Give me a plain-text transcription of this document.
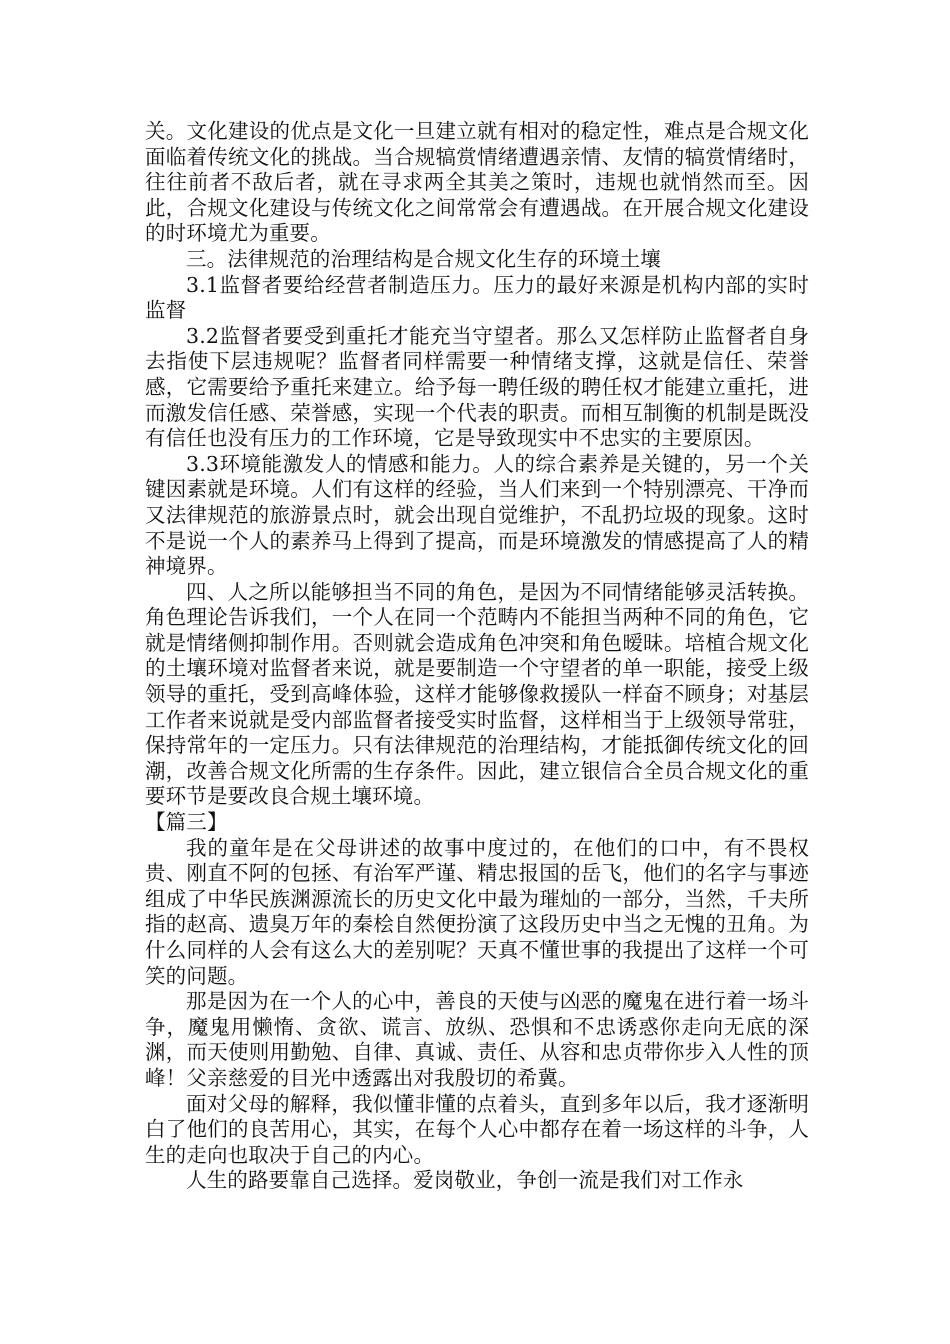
关。文化建设的优点是文化一旦建立就有相对的稳定性，难点是合规文化面临着传统文化的挑战。当合规犒赏情绪遭遇亲情、友情的犒赏情绪时，往往前者不敌后者，就在寻求两全其美之策时，违规也就悄然而至。因此，合规文化建设与传统文化之间常常会有遭遇战。在开展合规文化建设的时环境尤为重要。

三。法律规范的治理结构是合规文化生存的环境土壤

3.1监督者要给经营者制造压力。压力的最好来源是机构内部的实时监督

3.2监督者要受到重托才能充当守望者。那么又怎样防止监督者自身去指使下层违规呢？监督者同样需要一种情绪支撑，这就是信任、荣誉感，它需要给予重托来建立。给予每一聘任级的聘任权才能建立重托，进而激发信任感、荣誉感，实现一个代表的职责。而相互制衡的机制是既没有信任也没有压力的工作环境，它是导致现实中不忠实的主要原因。

3.3环境能激发人的情感和能力。人的综合素养是关键的，另一个关键因素就是环境。人们有这样的经验，当人们来到一个特别漂亮、干净而又法律规范的旅游景点时，就会出现自觉维护，不乱扔垃圾的现象。这时不是说一个人的素养马上得到了提高，而是环境激发的情感提高了人的精神境界。

四、人之所以能够担当不同的角色，是因为不同情绪能够灵活转换。角色理论告诉我们，一个人在同一个范畴内不能担当两种不同的角色，它就是情绪侧抑制作用。否则就会造成角色冲突和角色暧昧。培植合规文化的土壤环境对监督者来说，就是要制造一个守望者的单一职能，接受上级领导的重托，受到高峰体验，这样才能够像救援队一样奋不顾身；对基层工作者来说就是受内部监督者接受实时监督，这样相当于上级领导常驻，保持常年的一定压力。只有法律规范的治理结构，才能抵御传统文化的回潮，改善合规文化所需的生存条件。因此，建立银信合全员合规文化的重要环节是要改良合规土壤环境。

【篇三】

我的童年是在父母讲述的故事中度过的，在他们的口中，有不畏权贵、刚直不阿的包拯、有治军严谨、精忠报国的岳飞，他们的名字与事迹组成了中华民族渊源流长的历史文化中最为璀灿的一部分，当然，千夫所指的赵高、遗臭万年的秦桧自然便扮演了这段历史中当之无愧的丑角。为什么同样的人会有这么大的差别呢？天真不懂世事的我提出了这样一个可笑的问题。

那是因为在一个人的心中，善良的天使与凶恶的魔鬼在进行着一场斗争，魔鬼用懒惰、贪欲、谎言、放纵、恐惧和不忠诱惑你走向无底的深渊，而天使则用勤勉、自律、真诚、责任、从容和忠贞带你步入人性的顶峰！父亲慈爱的目光中透露出对我殷切的希冀。

面对父母的解释，我似懂非懂的点着头，直到多年以后，我才逐渐明白了他们的良苦用心，其实，在每个人心中都存在着一场这样的斗争，人生的走向也取决于自己的内心。

人生的路要靠自己选择。爱岗敬业，争创一流是我们对工作永
